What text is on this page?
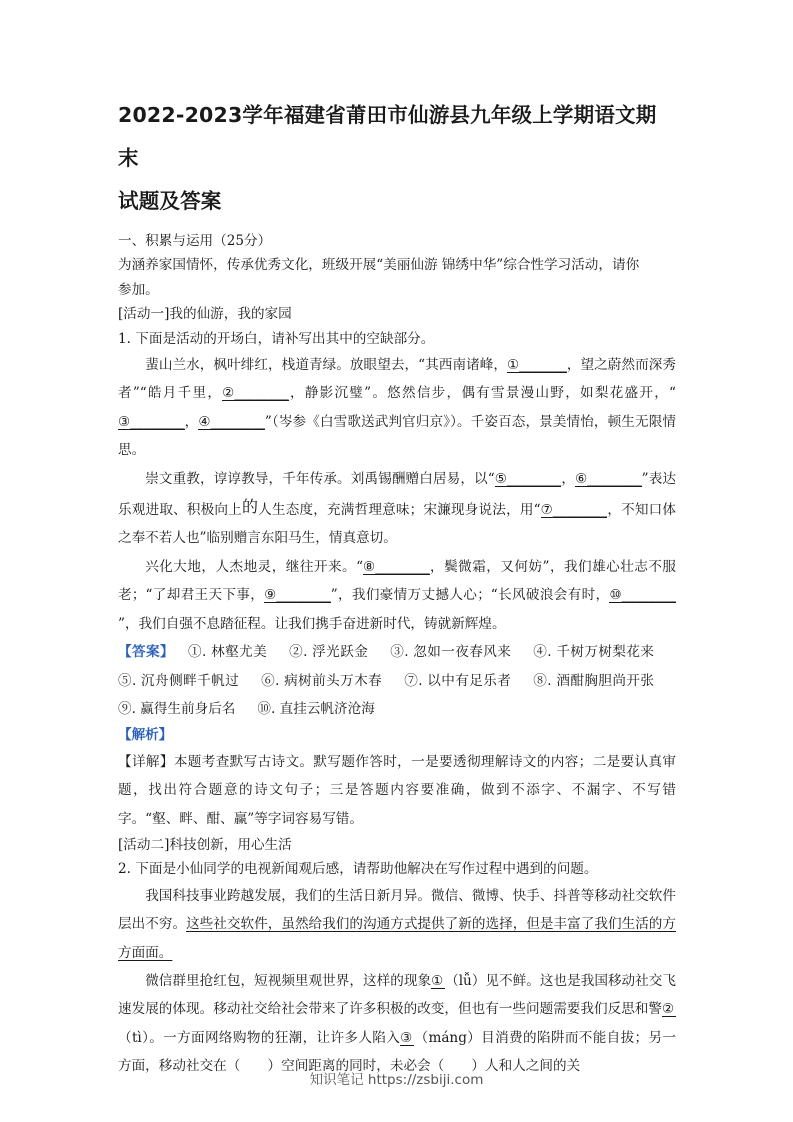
2022-2023学年福建省莆田市仙游县九年级上学期语文期末
试题及答案
一、积累与运用（25分）
为涵养家国情怀，传承优秀文化，班级开展“美丽仙游 锦绣中华”综合性学习活动，请你
参加。
[活动一]我的仙游，我的家园
1. 下面是活动的开场白，请补写出其中的空缺部分。

蜚山兰水，枫叶绯红，栈道青绿。放眼望去，“其西南诸峰，①_______，望之蔚然而深秀者”“皓月千里，②________，静影沉璧”。悠然信步，偶有雪景漫山野，如梨花盛开，“③________，④________”（岑参《白雪歌送武判官归京》）。千姿百态，景美情怡，顿生无限情思。

崇文重教，谆谆教导，千年传承。刘禹锡酬赠白居易，以“⑤________，⑥________”表达乐观进取、积极向上的人生态度，充满哲理意味；宋濂现身说法，用“⑦________，不知口体之奉不若人也”临别赠言东阳马生，情真意切。

兴化大地，人杰地灵，继往开来。“⑧________，鬓微霜，又何妨”，我们雄心壮志不服老；“了却君王天下事，⑨________”，我们豪情万丈撼人心；“长风破浪会有时，⑩________”，我们自强不息踏征程。让我们携手奋进新时代，铸就新辉煌。

【答案】  ①. 林壑尤美 ②. 浮光跃金 ③. 忽如一夜春风来 ④. 千树万树梨花来⑤. 沉舟侧畔千帆过 ⑥. 病树前头万木春 ⑦. 以中有足乐者 ⑧. 酒酣胸胆尚开张⑨. 赢得生前身后名 ⑩. 直挂云帆济沧海

【解析】

【详解】本题考查默写古诗文。默写题作答时，一是要透彻理解诗文的内容；二是要认真审题，找出符合题意的诗文句子；三是答题内容要准确，做到不添字、不漏字、不写错字。“壑、畔、酣、赢”等字词容易写错。

[活动二]科技创新，用心生活
2. 下面是小仙同学的电视新闻观后感，请帮助他解决在写作过程中遇到的问题。

我国科技事业跨越发展，我们的生活日新月异。微信、微博、快手、抖普等移动社交软件层出不穷。这些社交软件，虽然给我们的沟通方式提供了新的选择，但是丰富了我们生活的方方面面。

微信群里抢红包，短视频里观世界，这样的现象① （lǚ）见不鲜。这也是我国移动社交飞速发展的体现。移动社交给社会带来了许多积极的改变，但也有一些问题需要我们反思和警②（tì）。一方面网络购物的狂潮，让许多人陷入③ （máng）目消费的陷阱而不能自拔；另一方面，移动社交在（　　）空间距离的同时，未必会（　　）人和人之间的关

知识笔记 https://zsbiji.com
